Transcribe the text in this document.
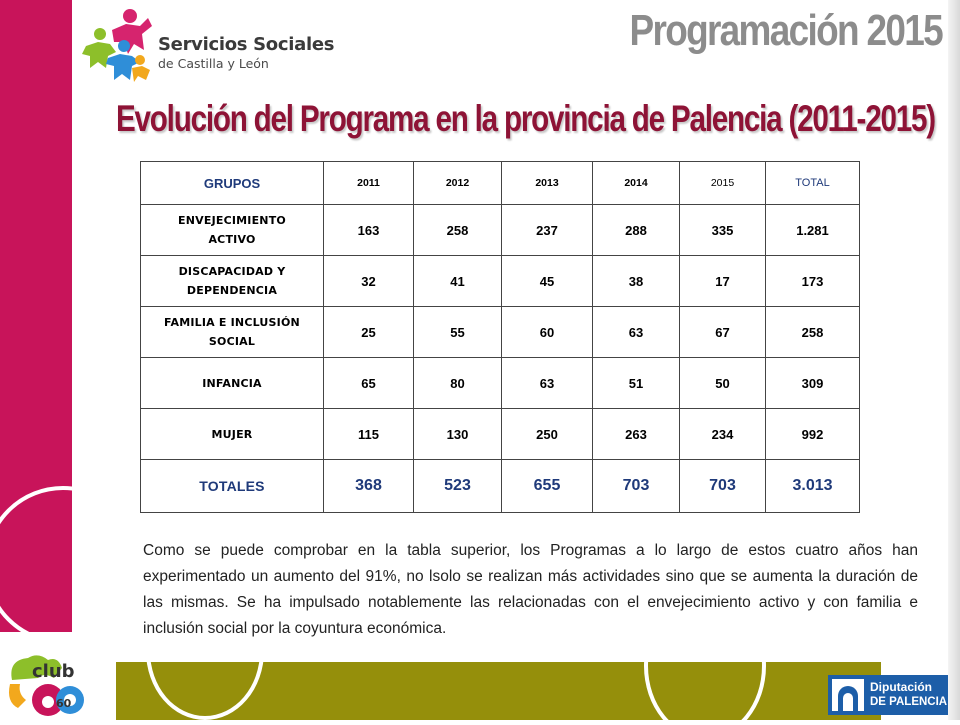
Servicios Sociales
de Castilla y León
Programación 2015
Evolución del Programa en la provincia de Palencia (2011-2015)
GRUPOS	2011	2012	2013	2014	2015	TOTAL
ENVEJECIMIENTO
ACTIVO	163	258	237	288	335	1.281
DISCAPACIDAD Y
DEPENDENCIA	32	41	45	38	17	173
FAMILIA E INCLUSIÓN
SOCIAL	25	55	60	63	67	258
INFANCIA	65	80	63	51	50	309
MUJER	115	130	250	263	234	992
TOTALES	368	523	655	703	703	3.013
Como se puede comprobar en la tabla superior, los Programas a lo largo de estos cuatro años han experimentado un aumento del 91%, no lsolo se realizan más actividades sino que se aumenta la duración de las mismas. Se ha impulsado notablemente las relacionadas con el envejecimiento activo y con familia e inclusión social por la coyuntura económica.
club
60
Diputación
DE PALENCIA
